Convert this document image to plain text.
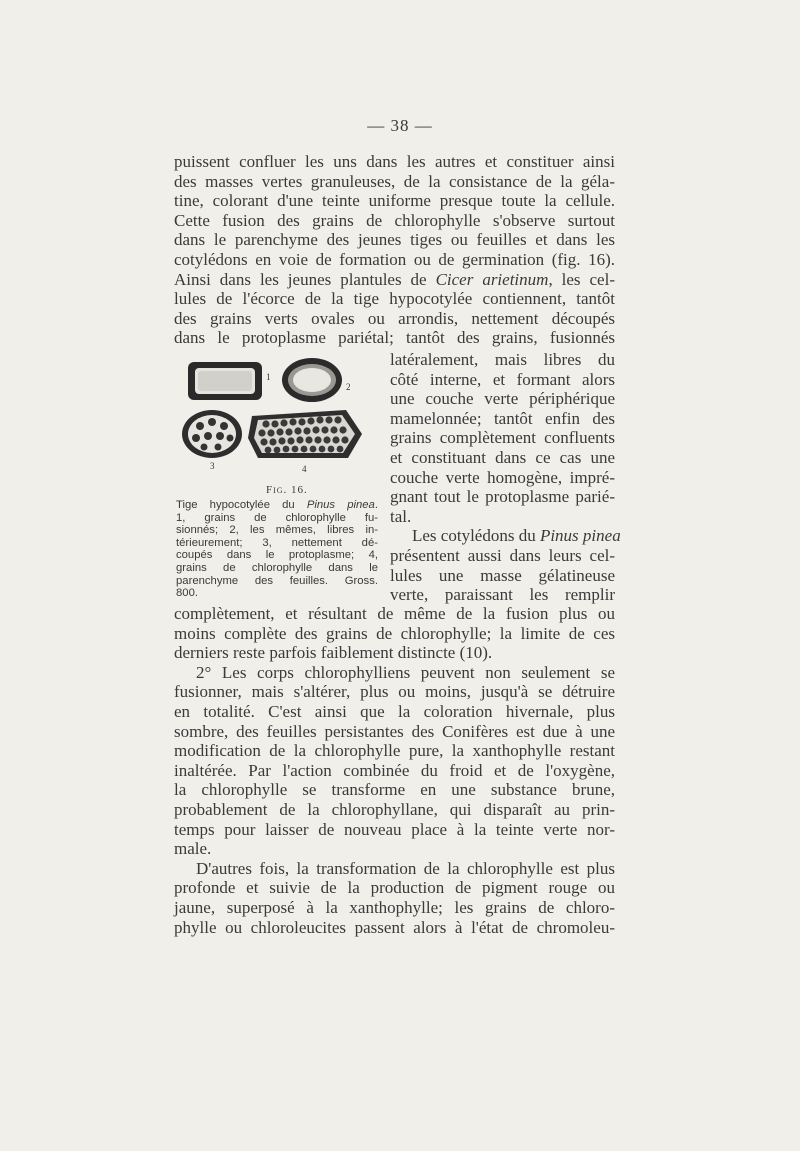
— 38 —
puissent confluer les uns dans les autres et constituer ainsi
des masses vertes granuleuses, de la consistance de la géla-
tine, colorant d'une teinte uniforme presque toute la cellule.
Cette fusion des grains de chlorophylle s'observe surtout
dans le parenchyme des jeunes tiges ou feuilles et dans les
cotylédons en voie de formation ou de germination (fig. 16).
Ainsi dans les jeunes plantules de Cicer arietinum, les cel-
lules de l'écorce de la tige hypocotylée contiennent, tantôt
des grains verts ovales ou arrondis, nettement découpés
dans le protoplasme pariétal; tantôt des grains, fusionnés
1
2
3	4
Fig. 16.
Tige hypocotylée du Pinus pinea.
1, grains de chlorophylle fu-
sionnés; 2, les mêmes, libres in-
térieurement; 3, nettement dé-
coupés dans le protoplasme; 4,
grains de chlorophylle dans le
parenchyme des feuilles. Gross.
800.
latéralement, mais libres du
côté interne, et formant alors
une couche verte périphérique
mamelonnée; tantôt enfin des
grains complètement confluents
et constituant dans ce cas une
couche verte homogène, impré-
gnant tout le protoplasme parié-
tal.
Les cotylédons du Pinus pinea
présentent aussi dans leurs cel-
lules une masse gélatineuse
verte, paraissant les remplir
complètement, et résultant de même de la fusion plus ou
moins complète des grains de chlorophylle; la limite de ces
derniers reste parfois faiblement distincte (10).
2° Les corps chlorophylliens peuvent non seulement se
fusionner, mais s'altérer, plus ou moins, jusqu'à se détruire
en totalité. C'est ainsi que la coloration hivernale, plus
sombre, des feuilles persistantes des Conifères est due à une
modification de la chlorophylle pure, la xanthophylle restant
inaltérée. Par l'action combinée du froid et de l'oxygène,
la chlorophylle se transforme en une substance brune,
probablement de la chlorophyllane, qui disparaît au prin-
temps pour laisser de nouveau place à la teinte verte nor-
male.
D'autres fois, la transformation de la chlorophylle est plus
profonde et suivie de la production de pigment rouge ou
jaune, superposé à la xanthophylle; les grains de chloro-
phylle ou chloroleucites passent alors à l'état de chromoleu-
